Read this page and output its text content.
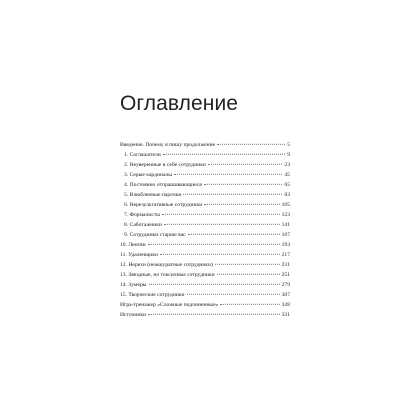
Оглавление
Введение. Почему я пишу продолжение	5
1. Соглашатели	9
2. Неуверенные в себе сотрудники	23
3. Серые кардиналы	45
4. Постоянно отпрашивающиеся	65
5. Влюбленные парочки	83
6. Нерезультативные сотрудники	105
7. Формалисты	123
8. Саботажники	141
9. Сотрудники старше вас	167
10. Лентяи	193
11. Удаленщики	217
12. Нерехи (неаккуратные сотрудники)	231
13. Звездные, но токсичные сотрудники	251
14. Зумеры	279
15. Творческие сотрудники	307
Игра-тренажер «Сложные подчиненные»	328
Источники	331
